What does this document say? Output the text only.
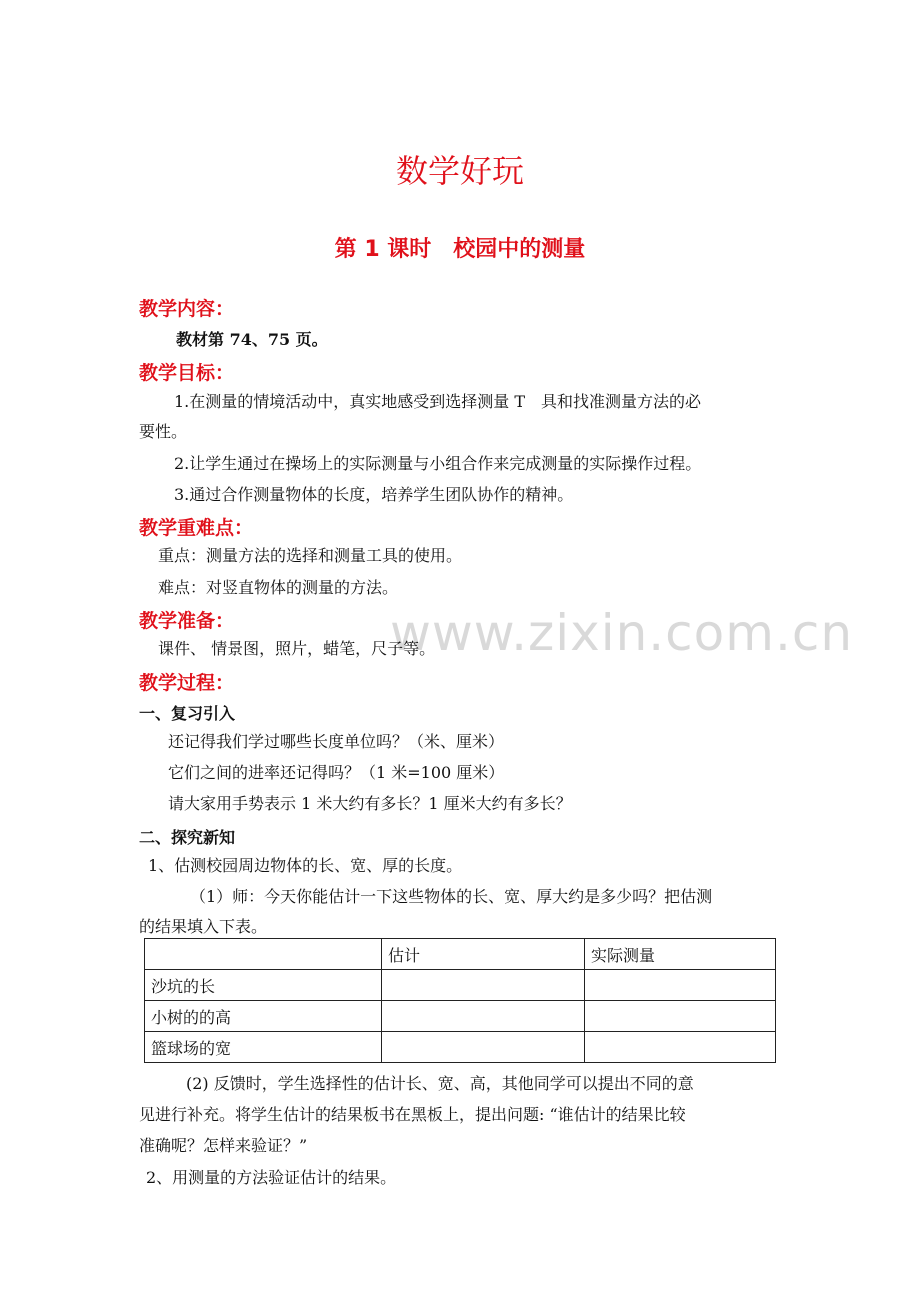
www.zixin.com.cn
数学好玩
第 1 课时　校园中的测量
教学内容：
教材第 74、75 页。
教学目标：
1.在测量的情境活动中，真实地感受到选择测量 T　具和找准测量方法的必
要性。
2.让学生通过在操场上的实际测量与小组合作来完成测量的实际操作过程。
3.通过合作测量物体的长度，培养学生团队协作的精神。
教学重难点：
重点：测量方法的选择和测量工具的使用。
难点：对竖直物体的测量的方法。
教学准备：
课件、 情景图，照片，蜡笔，尺子等。
教学过程：
一、复习引入
还记得我们学过哪些长度单位吗？（米、厘米）
它们之间的进率还记得吗？（1 米=100 厘米）
请大家用手势表示 1 米大约有多长？1 厘米大约有多长？
二、探究新知
1、估测校园周边物体的长、宽、厚的长度。
（1）师：今天你能估计一下这些物体的长、宽、厚大约是多少吗？把估测
的结果填入下表。
	估计	实际测量
沙坑的长		
小树的的高		
篮球场的宽		
(2) 反馈时，学生选择性的估计长、宽、高，其他同学可以提出不同的意
见进行补充。将学生估计的结果板书在黑板上，提出问题: “谁估计的结果比较
准确呢？怎样来验证？”
2、用测量的方法验证估计的结果。
